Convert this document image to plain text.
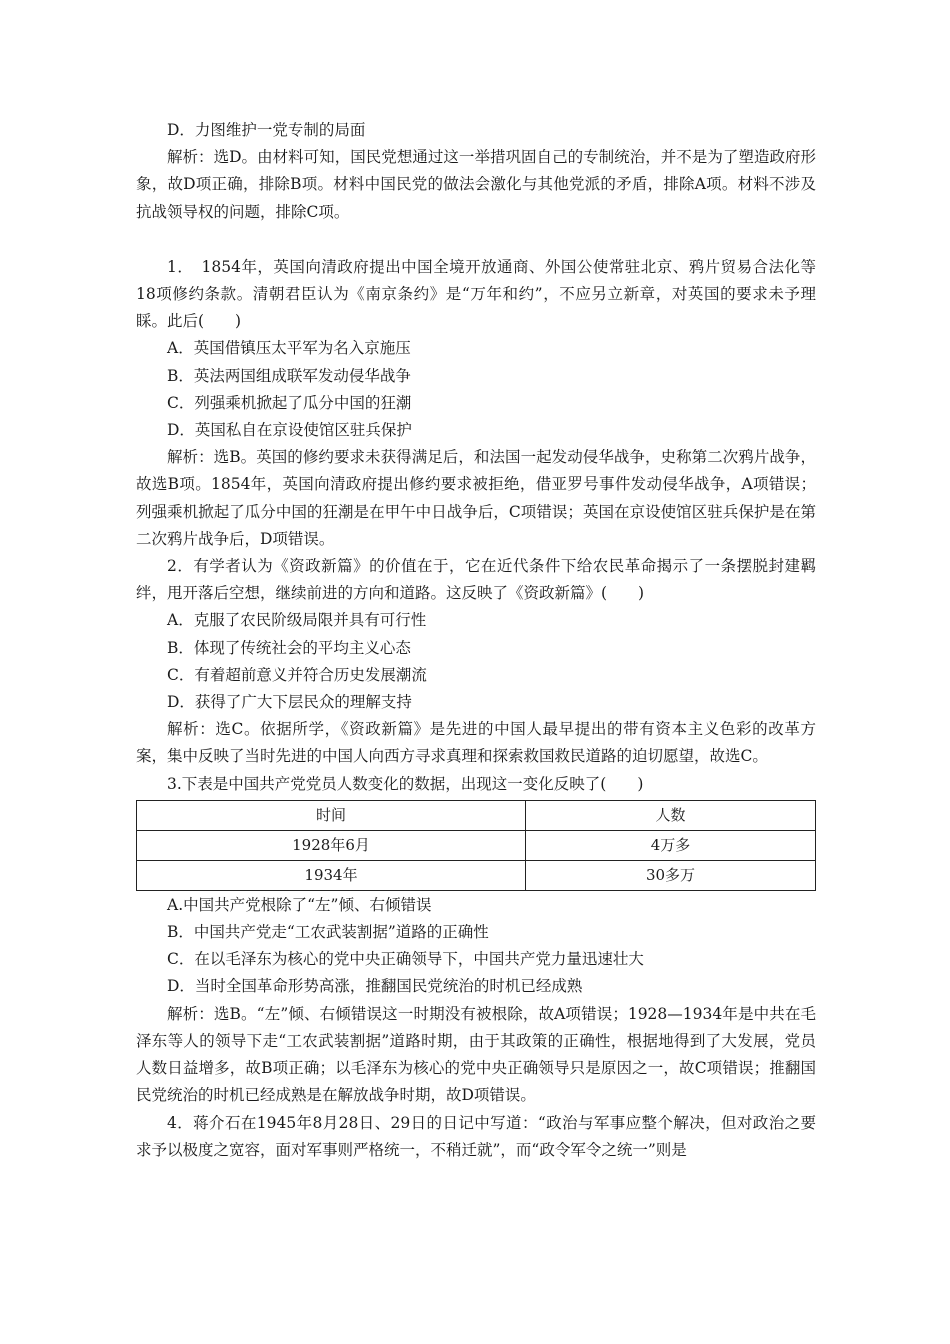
D．力图维护一党专制的局面

解析：选D。由材料可知，国民党想通过这一举措巩固自己的专制统治，并不是为了塑造政府形象，故D项正确，排除B项。材料中国民党的做法会激化与其他党派的矛盾，排除A项。材料不涉及抗战领导权的问题，排除C项。

1．　1854年，英国向清政府提出中国全境开放通商、外国公使常驻北京、鸦片贸易合法化等18项修约条款。清朝君臣认为《南京条约》是“万年和约”，不应另立新章，对英国的要求未予理睬。此后(　　)

A．英国借镇压太平军为名入京施压

B．英法两国组成联军发动侵华战争

C．列强乘机掀起了瓜分中国的狂潮

D．英国私自在京设使馆区驻兵保护

解析：选B。英国的修约要求未获得满足后，和法国一起发动侵华战争，史称第二次鸦片战争，故选B项。1854年，英国向清政府提出修约要求被拒绝，借亚罗号事件发动侵华战争，A项错误；列强乘机掀起了瓜分中国的狂潮是在甲午中日战争后，C项错误；英国在京设使馆区驻兵保护是在第二次鸦片战争后，D项错误。

2．有学者认为《资政新篇》的价值在于，它在近代条件下给农民革命揭示了一条摆脱封建羁绊，甩开落后空想，继续前进的方向和道路。这反映了《资政新篇》(　　)

A．克服了农民阶级局限并具有可行性

B．体现了传统社会的平均主义心态

C．有着超前意义并符合历史发展潮流

D．获得了广大下层民众的理解支持

解析：选C。依据所学，《资政新篇》是先进的中国人最早提出的带有资本主义色彩的改革方案，集中反映了当时先进的中国人向西方寻求真理和探索救国救民道路的迫切愿望，故选C。

3.下表是中国共产党党员人数变化的数据，出现这一变化反映了(　　)

时间	人数
1928年6月	4万多
1934年	30多万

A.中国共产党根除了“左”倾、右倾错误

B．中国共产党走“工农武装割据”道路的正确性

C．在以毛泽东为核心的党中央正确领导下，中国共产党力量迅速壮大

D．当时全国革命形势高涨，推翻国民党统治的时机已经成熟

解析：选B。“左”倾、右倾错误这一时期没有被根除，故A项错误；1928—1934年是中共在毛泽东等人的领导下走“工农武装割据”道路时期，由于其政策的正确性，根据地得到了大发展，党员人数日益增多，故B项正确；以毛泽东为核心的党中央正确领导只是原因之一，故C项错误；推翻国民党统治的时机已经成熟是在解放战争时期，故D项错误。

4．蒋介石在1945年8月28日、29日的日记中写道：“政治与军事应整个解决，但对政治之要求予以极度之宽容，面对军事则严格统一，不稍迁就”，而“政令军令之统一”则是
